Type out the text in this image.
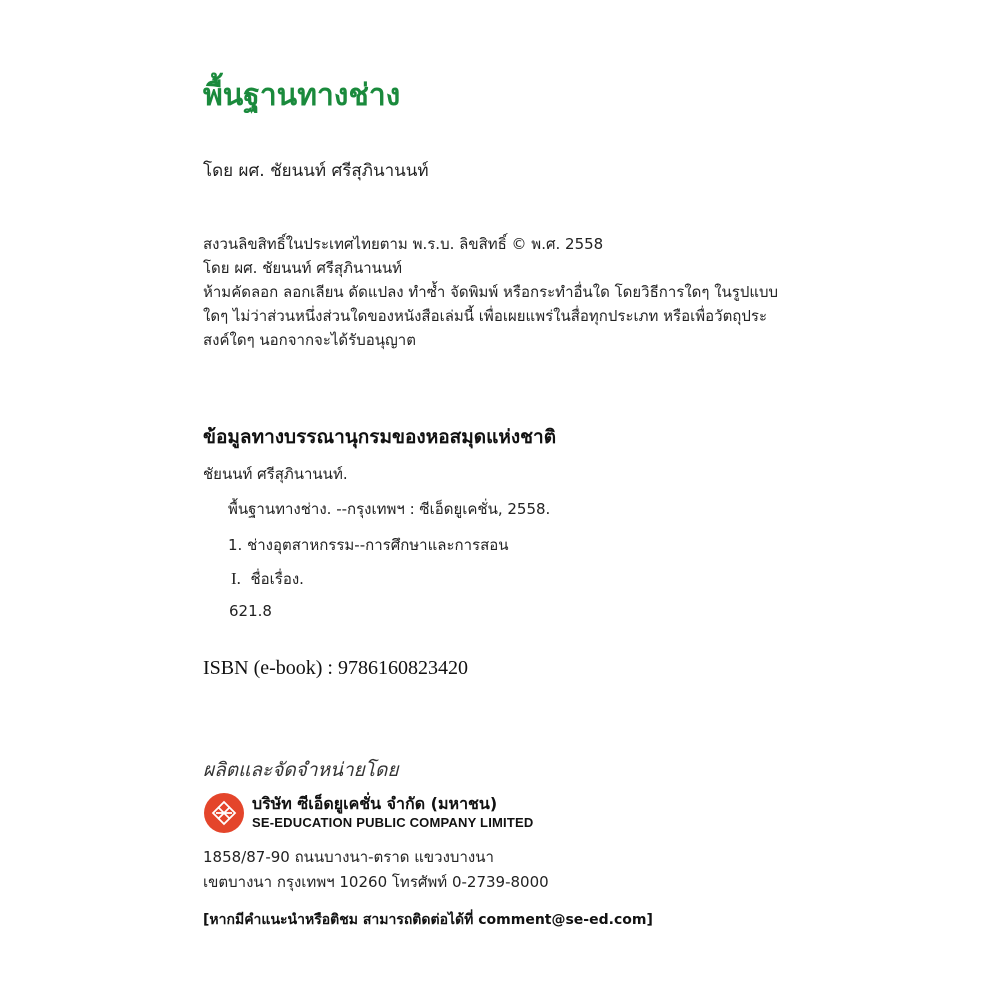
พื้นฐานทางช่าง
โดย ผศ. ชัยนนท์ ศรีสุภินานนท์
สงวนลิขสิทธิ์ในประเทศไทยตาม พ.ร.บ. ลิขสิทธิ์ © พ.ศ. 2558
โดย ผศ. ชัยนนท์ ศรีสุภินานนท์
ห้ามคัดลอก ลอกเลียน ดัดแปลง ทำซ้ำ จัดพิมพ์ หรือกระทำอื่นใด โดยวิธีการใดๆ ในรูปแบบ
ใดๆ ไม่ว่าส่วนหนึ่งส่วนใดของหนังสือเล่มนี้ เพื่อเผยแพร่ในสื่อทุกประเภท หรือเพื่อวัตถุประ
สงค์ใดๆ นอกจากจะได้รับอนุญาต
ข้อมูลทางบรรณานุกรมของหอสมุดแห่งชาติ
ชัยนนท์ ศรีสุภินานนท์.
พื้นฐานทางช่าง. --กรุงเทพฯ : ซีเอ็ดยูเคชั่น, 2558.
1. ช่างอุตสาหกรรม--การศึกษาและการสอน
I. ชื่อเรื่อง.
621.8
ISBN (e-book) : 9786160823420
ผลิตและจัดจำหน่ายโดย
บริษัท ซีเอ็ดยูเคชั่น จำกัด (มหาชน)
SE-EDUCATION PUBLIC COMPANY LIMITED
1858/87-90 ถนนบางนา-ตราด แขวงบางนา
เขตบางนา กรุงเทพฯ 10260 โทรศัพท์ 0-2739-8000
[หากมีคำแนะนำหรือติชม สามารถติดต่อได้ที่ comment@se-ed.com]
